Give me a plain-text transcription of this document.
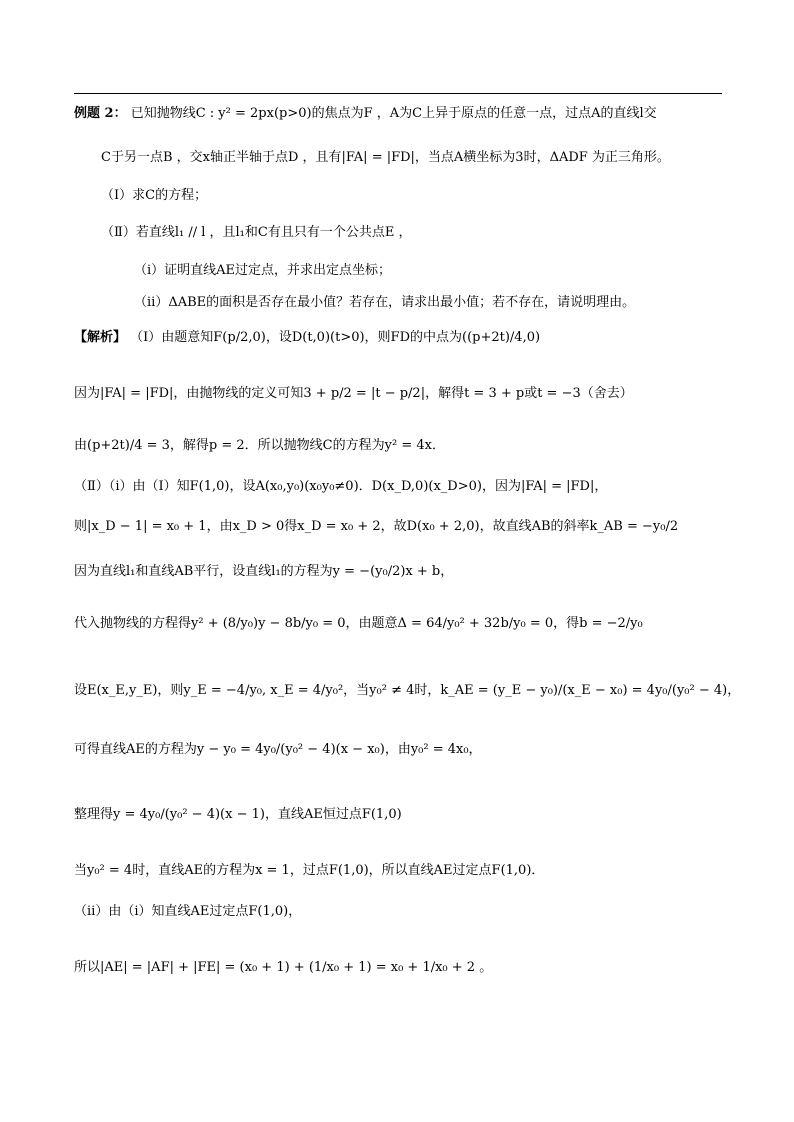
例题 2： 已知抛物线C : y² = 2px(p>0)的焦点为F ，A为C上异于原点的任意一点，过点A的直线l交
C于另一点B ，交x轴正半轴于点D ，且有|FA| = |FD|，当点A横坐标为3时，ΔADF 为正三角形。
（Ⅰ）求C的方程；
（Ⅱ）若直线l₁ // l ，且l₁和C有且只有一个公共点E ，
（ⅰ）证明直线AE过定点，并求出定点坐标；
（ⅱ）ΔABE的面积是否存在最小值？若存在，请求出最小值；若不存在，请说明理由。
【解析】 （Ⅰ）由题意知F(p/2,0)，设D(t,0)(t>0)，则FD的中点为((p+2t)/4,0)
因为|FA| = |FD|，由抛物线的定义可知3 + p/2 = |t − p/2|，解得t = 3 + p或t = −3（舍去）
由(p+2t)/4 = 3，解得p = 2．所以抛物线C的方程为y² = 4x．
（Ⅱ）（ⅰ）由（Ⅰ）知F(1,0)，设A(x₀,y₀)(x₀y₀≠0)．D(x_D,0)(x_D>0)，因为|FA| = |FD|，
则|x_D − 1| = x₀ + 1，由x_D > 0得x_D = x₀ + 2，故D(x₀ + 2,0)，故直线AB的斜率k_AB = −y₀/2
因为直线l₁和直线AB平行，设直线l₁的方程为y = −(y₀/2)x + b，
代入抛物线的方程得y² + (8/y₀)y − 8b/y₀ = 0，由题意Δ = 64/y₀² + 32b/y₀ = 0，得b = −2/y₀
设E(x_E,y_E)，则y_E = −4/y₀, x_E = 4/y₀²，当y₀² ≠ 4时，k_AE = (y_E − y₀)/(x_E − x₀) = 4y₀/(y₀² − 4)，
可得直线AE的方程为y − y₀ = 4y₀/(y₀² − 4)(x − x₀)，由y₀² = 4x₀，
整理得y = 4y₀/(y₀² − 4)(x − 1)，直线AE恒过点F(1,0)
当y₀² = 4时，直线AE的方程为x = 1，过点F(1,0)，所以直线AE过定点F(1,0)．
（ⅱ）由（ⅰ）知直线AE过定点F(1,0)，
所以|AE| = |AF| + |FE| = (x₀ + 1) + (1/x₀ + 1) = x₀ + 1/x₀ + 2 。
